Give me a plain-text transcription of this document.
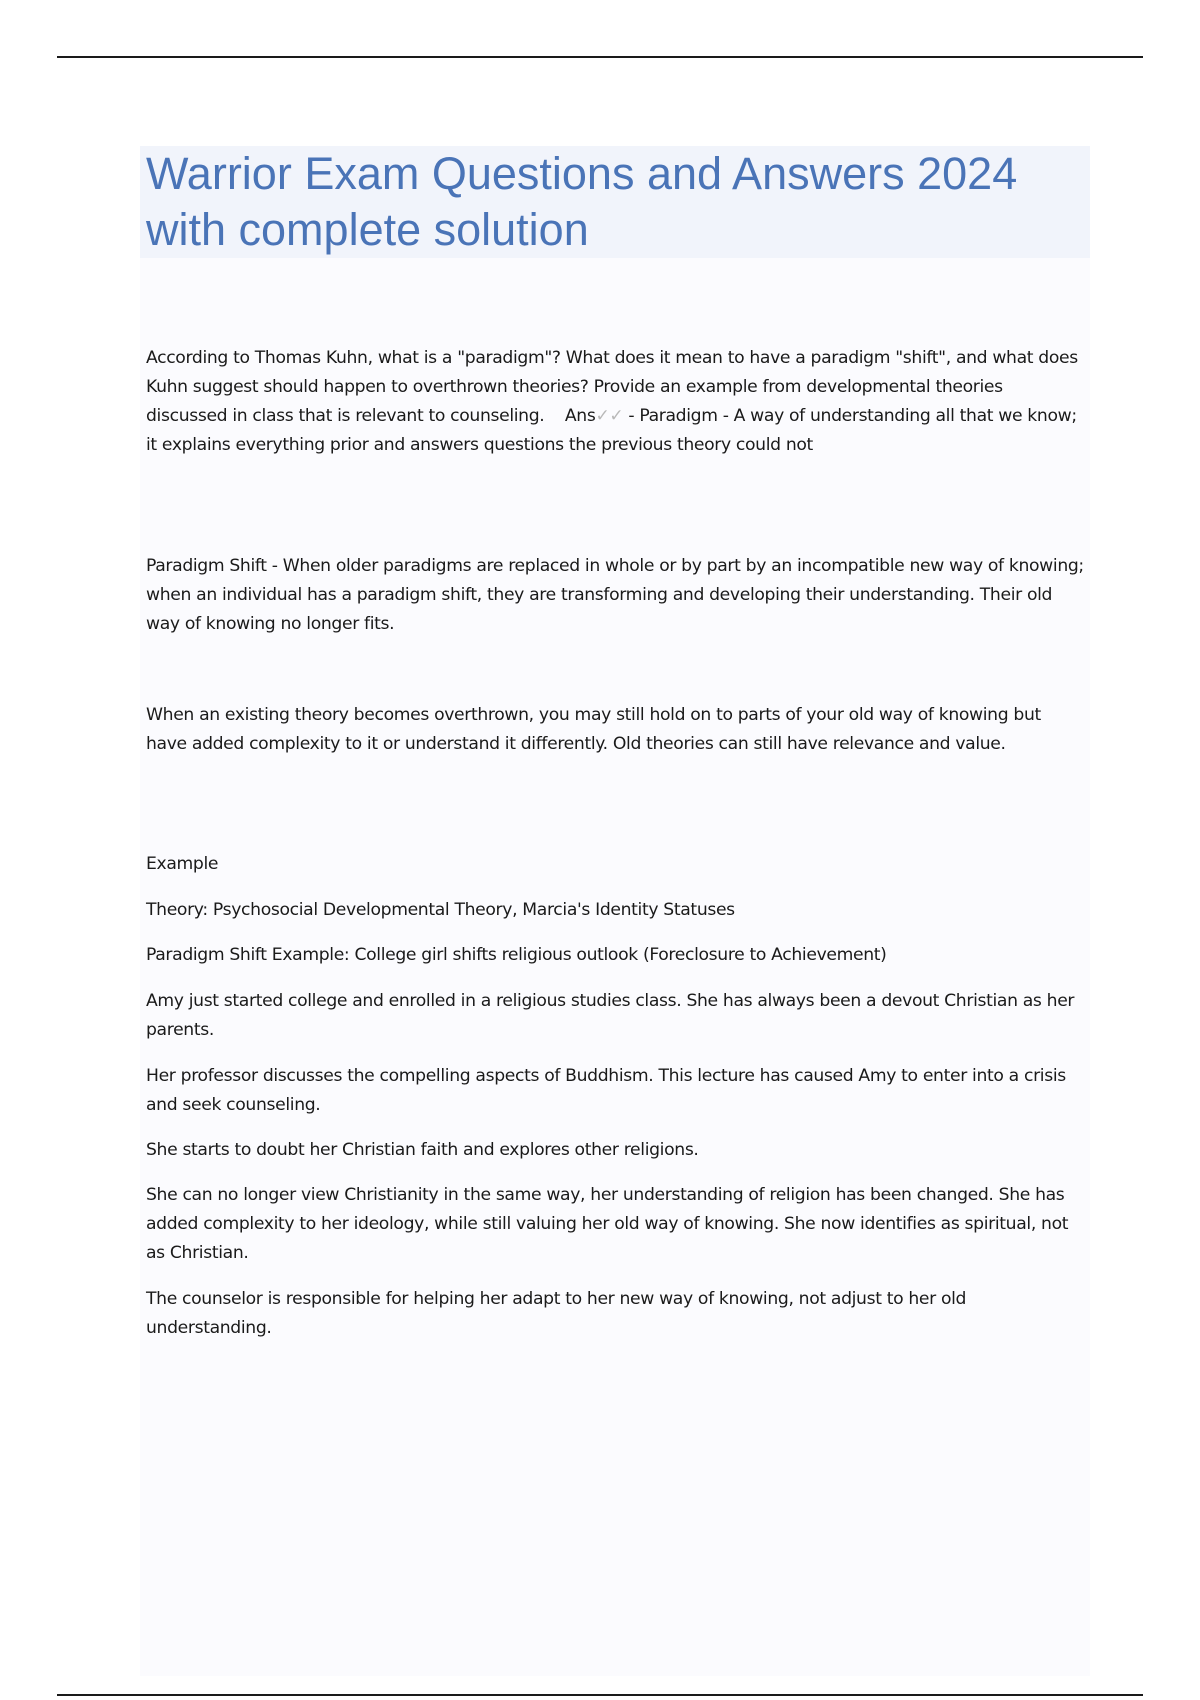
Warrior Exam Questions and Answers 2024 with complete solution

According to Thomas Kuhn, what is a "paradigm"? What does it mean to have a paradigm "shift", and what does Kuhn suggest should happen to overthrown theories? Provide an example from developmental theories discussed in class that is relevant to counseling. Ans✓✓ - Paradigm - A way of understanding all that we know; it explains everything prior and answers questions the previous theory could not

Paradigm Shift - When older paradigms are replaced in whole or by part by an incompatible new way of knowing; when an individual has a paradigm shift, they are transforming and developing their understanding. Their old way of knowing no longer fits.

When an existing theory becomes overthrown, you may still hold on to parts of your old way of knowing but have added complexity to it or understand it differently. Old theories can still have relevance and value.

Example

Theory: Psychosocial Developmental Theory, Marcia's Identity Statuses

Paradigm Shift Example: College girl shifts religious outlook (Foreclosure to Achievement)

Amy just started college and enrolled in a religious studies class. She has always been a devout Christian as her parents.

Her professor discusses the compelling aspects of Buddhism. This lecture has caused Amy to enter into a crisis and seek counseling.

She starts to doubt her Christian faith and explores other religions.

She can no longer view Christianity in the same way, her understanding of religion has been changed. She has added complexity to her ideology, while still valuing her old way of knowing. She now identifies as spiritual, not as Christian.

The counselor is responsible for helping her adapt to her new way of knowing, not adjust to her old understanding.
